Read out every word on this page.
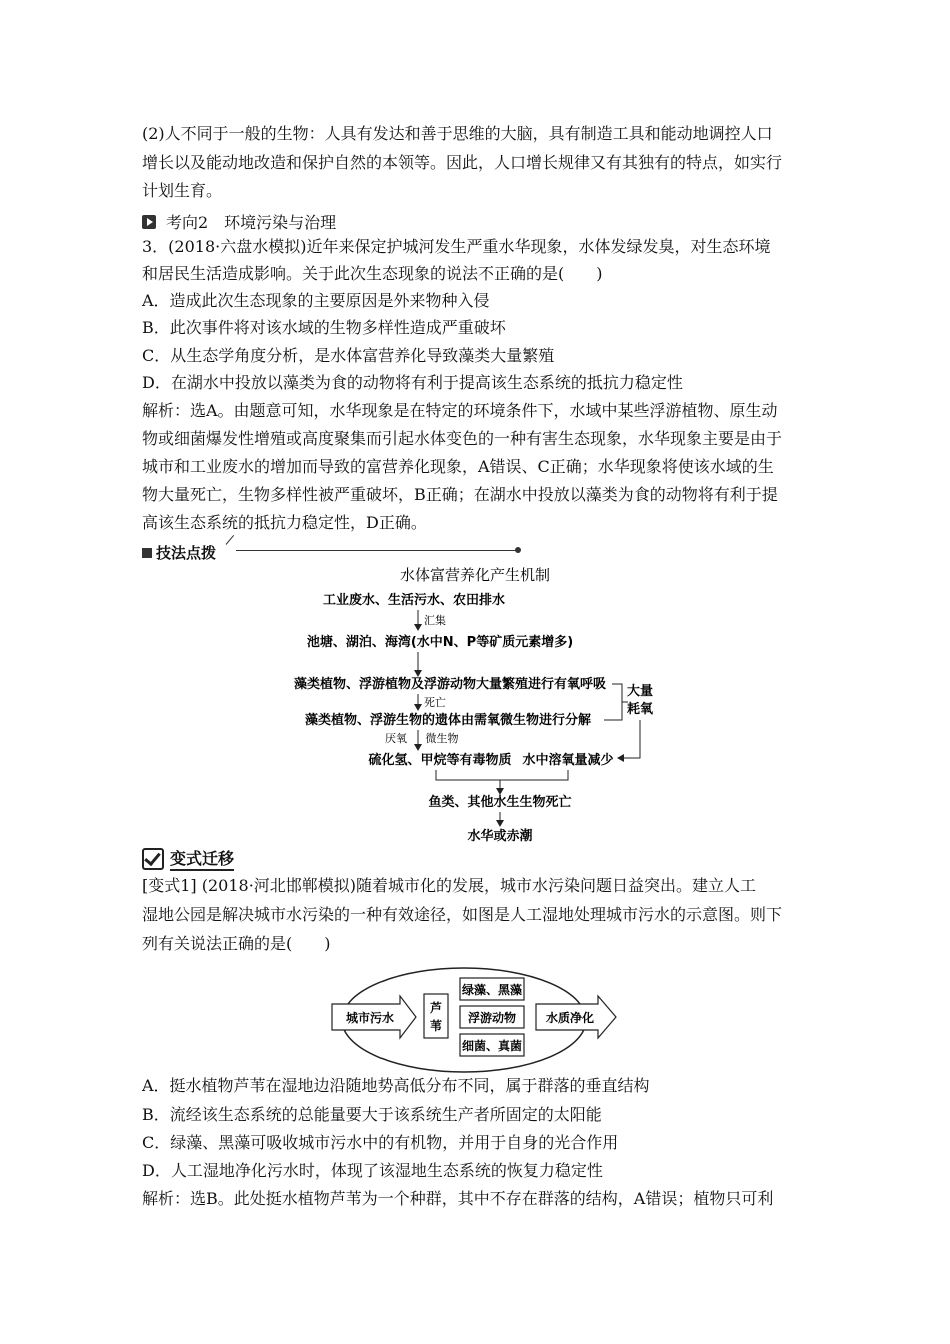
(2)人不同于一般的生物：人具有发达和善于思维的大脑，具有制造工具和能动地调控人口
增长以及能动地改造和保护自然的本领等。因此，人口增长规律又有其独有的特点，如实行
计划生育。
考向2　环境污染与治理
3．(2018·六盘水模拟)近年来保定护城河发生严重水华现象，水体发绿发臭，对生态环境
和居民生活造成影响。关于此次生态现象的说法不正确的是(　　)
A．造成此次生态现象的主要原因是外来物种入侵
B．此次事件将对该水域的生物多样性造成严重破坏
C．从生态学角度分析，是水体富营养化导致藻类大量繁殖
D．在湖水中投放以藻类为食的动物将有利于提高该生态系统的抵抗力稳定性
解析：选A。由题意可知，水华现象是在特定的环境条件下，水域中某些浮游植物、原生动
物或细菌爆发性增殖或高度聚集而引起水体变色的一种有害生态现象，水华现象主要是由于
城市和工业废水的增加而导致的富营养化现象，A错误、C正确；水华现象将使该水域的生
物大量死亡，生物多样性被严重破坏，B正确；在湖水中投放以藻类为食的动物将有利于提
高该生态系统的抵抗力稳定性，D正确。
技法点拨
水体富营养化产生机制
工业废水、生活污水、农田排水
汇集
池塘、湖泊、海湾(水中N、P等矿质元素增多)
藻类植物、浮游植物及浮游动物大量繁殖进行有氧呼吸
死亡
藻类植物、浮游生物的遗体由需氧微生物进行分解
大量
耗氧
厌氧 微生物
硫化氢、甲烷等有毒物质 水中溶氧量减少
鱼类、其他水生生物死亡
水华或赤潮
变式迁移
[变式1] (2018·河北邯郸模拟)随着城市化的发展，城市水污染问题日益突出。建立人工
湿地公园是解决城市水污染的一种有效途径，如图是人工湿地处理城市污水的示意图。则下
列有关说法正确的是(　　)
城市污水
芦
苇
绿藻、黑藻
浮游动物
细菌、真菌
水质净化
A．挺水植物芦苇在湿地边沿随地势高低分布不同，属于群落的垂直结构
B．流经该生态系统的总能量要大于该系统生产者所固定的太阳能
C．绿藻、黑藻可吸收城市污水中的有机物，并用于自身的光合作用
D．人工湿地净化污水时，体现了该湿地生态系统的恢复力稳定性
解析：选B。此处挺水植物芦苇为一个种群，其中不存在群落的结构，A错误；植物只可利
